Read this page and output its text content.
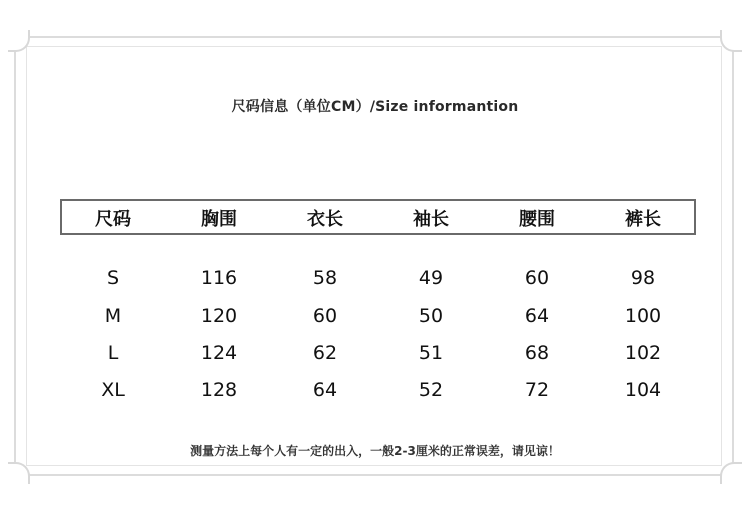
尺码信息（单位CM）/Size informantion
尺码	胸围	衣长	袖长	腰围	裤长
S	116	58	49	60	98
M	120	60	50	64	100
L	124	62	51	68	102
XL	128	64	52	72	104
测量方法上每个人有一定的出入，一般2-3厘米的正常误差，请见谅！
